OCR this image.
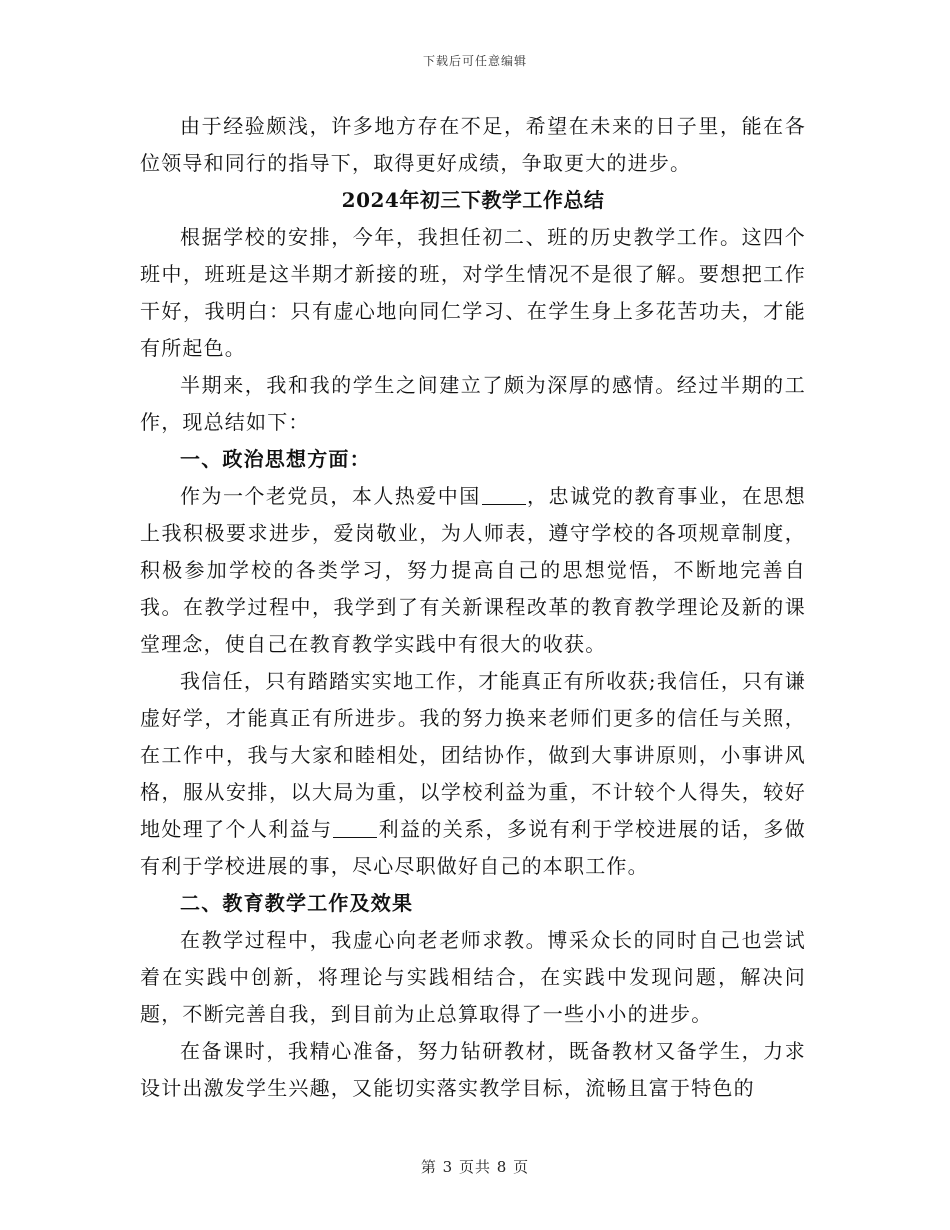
下载后可任意编辑

由于经验颇浅，许多地方存在不足，希望在未来的日子里，能在各位领导和同行的指导下，取得更好成绩，争取更大的进步。

2024年初三下教学工作总结

根据学校的安排，今年，我担任初二、班的历史教学工作。这四个班中，班班是这半期才新接的班，对学生情况不是很了解。要想把工作干好，我明白：只有虚心地向同仁学习、在学生身上多花苦功夫，才能有所起色。

半期来，我和我的学生之间建立了颇为深厚的感情。经过半期的工作，现总结如下：

一、政治思想方面：

作为一个老党员，本人热爱中国 ，忠诚党的教育事业，在思想上我积极要求进步，爱岗敬业，为人师表，遵守学校的各项规章制度，积极参加学校的各类学习，努力提高自己的思想觉悟，不断地完善自我。在教学过程中，我学到了有关新课程改革的教育教学理论及新的课堂理念，使自己在教育教学实践中有很大的收获。

我信任，只有踏踏实实地工作，才能真正有所收获;我信任，只有谦虚好学，才能真正有所进步。我的努力换来老师们更多的信任与关照，在工作中，我与大家和睦相处，团结协作，做到大事讲原则，小事讲风格，服从安排，以大局为重，以学校利益为重，不计较个人得失，较好地处理了个人利益与 利益的关系，多说有利于学校进展的话，多做有利于学校进展的事，尽心尽职做好自己的本职工作。

二、教育教学工作及效果

在教学过程中，我虚心向老老师求教。博采众长的同时自己也尝试着在实践中创新，将理论与实践相结合，在实践中发现问题，解决问题，不断完善自我，到目前为止总算取得了一些小小的进步。

在备课时，我精心准备，努力钻研教材，既备教材又备学生，力求设计出激发学生兴趣，又能切实落实教学目标，流畅且富于特色的

第 3 页共 8 页
